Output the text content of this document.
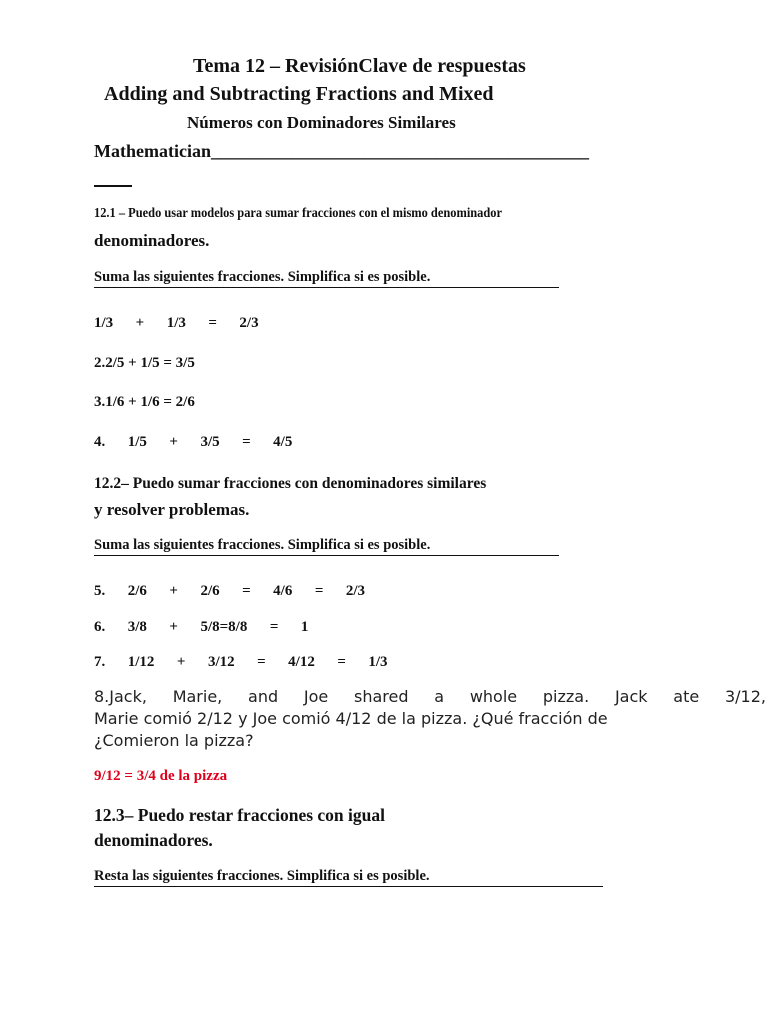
Tema 12 – RevisiónClave de respuestas
Adding and Subtracting Fractions and Mixed
Números con Dominadores Similares
Mathematician__________________________________________
12.1 – Puedo usar modelos para sumar fracciones con el mismo denominador
denominadores.
Suma las siguientes fracciones. Simplifica si es posible.
1/3      +      1/3      =      2/3
2.2/5 + 1/5 = 3/5
3.1/6 + 1/6 = 2/6
4.      1/5      +      3/5      =      4/5
12.2– Puedo sumar fracciones con denominadores similares
y resolver problemas.
Suma las siguientes fracciones. Simplifica si es posible.
5.      2/6      +      2/6      =      4/6      =      2/3
6.      3/8      +      5/8=8/8      =      1
7.      1/12      +      3/12      =      4/12      =      1/3
8.Jack, Marie, and Joe shared a whole pizza. Jack ate 3/12,
Marie comió 2/12 y Joe comió 4/12 de la pizza. ¿Qué fracción de
¿Comieron la pizza?
9/12 = 3/4 de la pizza
12.3– Puedo restar fracciones con igual
denominadores.
Resta las siguientes fracciones. Simplifica si es posible.
